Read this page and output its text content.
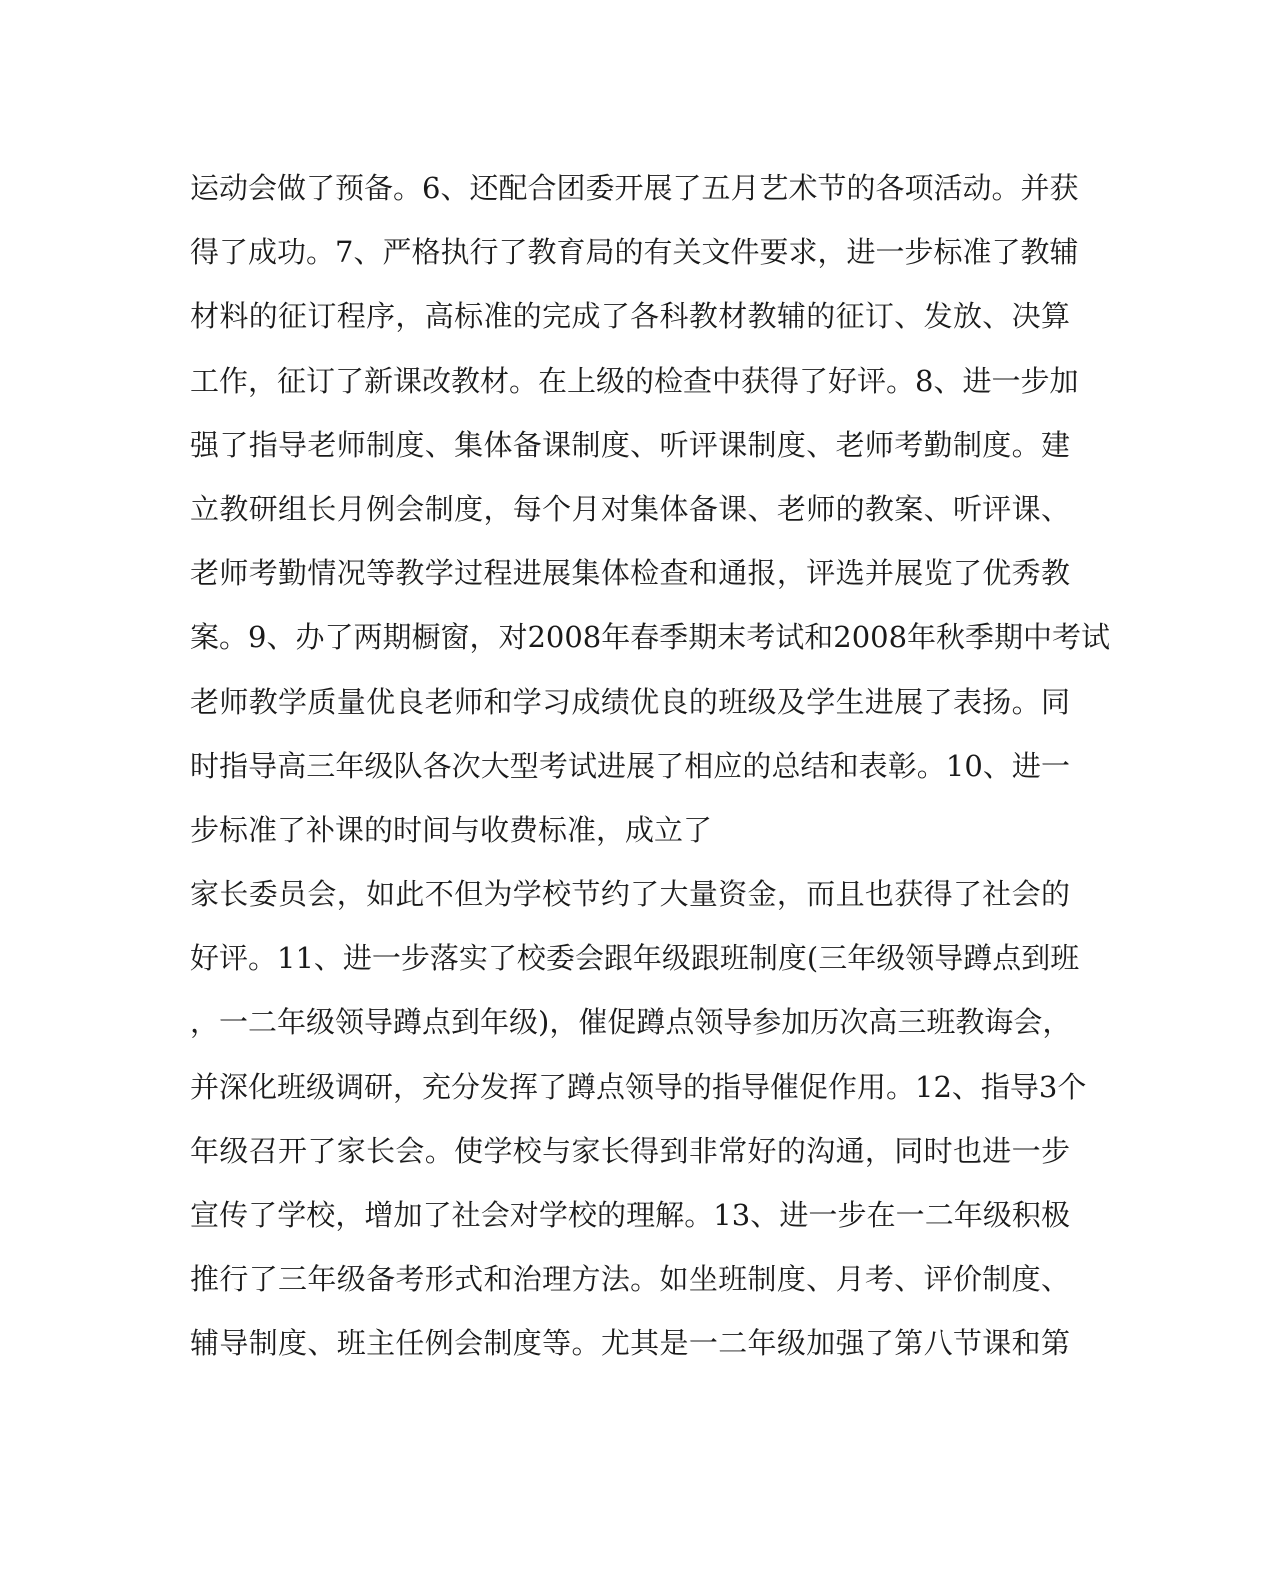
运动会做了预备。6、还配合团委开展了五月艺术节的各项活动。并获
得了成功。7、严格执行了教育局的有关文件要求，进一步标准了教辅
材料的征订程序，高标准的完成了各科教材教辅的征订、发放、决算
工作，征订了新课改教材。在上级的检查中获得了好评。8、进一步加
强了指导老师制度、集体备课制度、听评课制度、老师考勤制度。建
立教研组长月例会制度，每个月对集体备课、老师的教案、听评课、
老师考勤情况等教学过程进展集体检查和通报，评选并展览了优秀教
案。9、办了两期橱窗，对2008年春季期末考试和2008年秋季期中考试
老师教学质量优良老师和学习成绩优良的班级及学生进展了表扬。同
时指导高三年级队各次大型考试进展了相应的总结和表彰。10、进一
步标准了补课的时间与收费标准，成立了
家长委员会，如此不但为学校节约了大量资金，而且也获得了社会的
好评。11、进一步落实了校委会跟年级跟班制度(三年级领导蹲点到班
，一二年级领导蹲点到年级)，催促蹲点领导参加历次高三班教诲会，
并深化班级调研，充分发挥了蹲点领导的指导催促作用。12、指导3个
年级召开了家长会。使学校与家长得到非常好的沟通，同时也进一步
宣传了学校，增加了社会对学校的理解。13、进一步在一二年级积极
推行了三年级备考形式和治理方法。如坐班制度、月考、评价制度、
辅导制度、班主任例会制度等。尤其是一二年级加强了第八节课和第
